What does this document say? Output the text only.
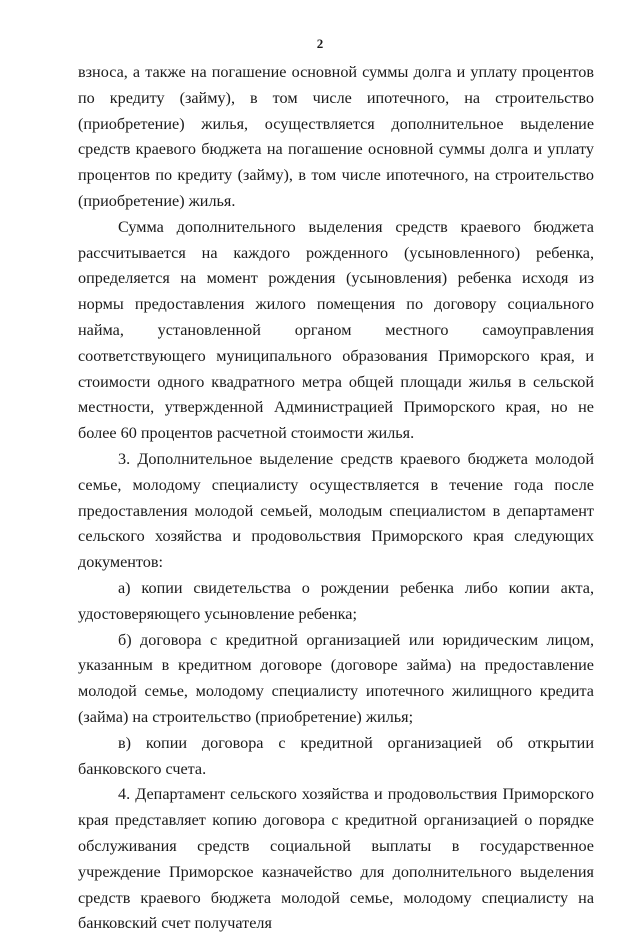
2

взноса, а также на погашение основной суммы долга и уплату процентов по кредиту (займу), в том числе ипотечного, на строительство (приобретение) жилья, осуществляется дополнительное выделение средств краевого бюджета на погашение основной суммы долга и уплату процентов по кредиту (займу), в том числе ипотечного, на строительство (приобретение) жилья.

Сумма дополнительного выделения средств краевого бюджета рассчитывается на каждого рожденного (усыновленного) ребенка, определяется на момент рождения (усыновления) ребенка исходя из нормы предоставления жилого помещения по договору социального найма, установленной органом местного самоуправления соответствующего муниципального образования Приморского края, и стоимости одного квадратного метра общей площади жилья в сельской местности, утвержденной Администрацией Приморского края, но не более 60 процентов расчетной стоимости жилья.

3. Дополнительное выделение средств краевого бюджета молодой семье, молодому специалисту осуществляется в течение года после предоставления молодой семьей, молодым специалистом в департамент сельского хозяйства и продовольствия Приморского края следующих документов:

а) копии свидетельства о рождении ребенка либо копии акта, удостоверяющего усыновление ребенка;

б) договора с кредитной организацией или юридическим лицом, указанным в кредитном договоре (договоре займа) на предоставление молодой семье, молодому специалисту ипотечного жилищного кредита (займа) на строительство (приобретение) жилья;

в) копии договора с кредитной организацией об открытии банковского счета.

4. Департамент сельского хозяйства и продовольствия Приморского края представляет копию договора с кредитной организацией о порядке обслуживания средств социальной выплаты в государственное учреждение Приморское казначейство для дополнительного выделения средств краевого бюджета молодой семье, молодому специалисту на банковский счет получателя
